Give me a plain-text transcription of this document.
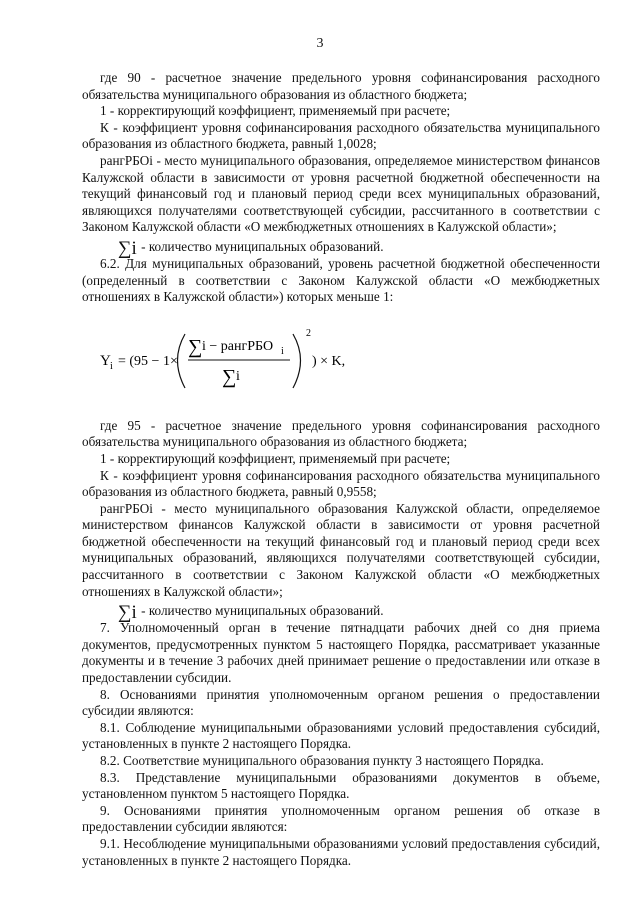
3

где 90 - расчетное значение предельного уровня софинансирования расходного обязательства муниципального образования из областного бюджета;

1 - корректирующий коэффициент, применяемый при расчете;

К - коэффициент уровня софинансирования расходного обязательства муниципального образования из областного бюджета, равный 1,0028;

рангРБОi - место муниципального образования, определяемое министерством финансов Калужской области в зависимости от уровня расчетной бюджетной обеспеченности на текущий финансовый год и плановый период среди всех муниципальных образований, являющихся получателями соответствующей субсидии, рассчитанного в соответствии с Законом Калужской области «О межбюджетных отношениях в Калужской области»;

∑i - количество муниципальных образований.

6.2. Для муниципальных образований, уровень расчетной бюджетной обеспеченности (определенный в соответствии с Законом Калужской области «О межбюджетных отношениях в Калужской области») которых меньше 1:

Y i = (95 − 1×
∑ i − рангРБО i
∑ i
2
) × K,

где 95 - расчетное значение предельного уровня софинансирования расходного обязательства муниципального образования из областного бюджета;

1 - корректирующий коэффициент, применяемый при расчете;

К - коэффициент уровня софинансирования расходного обязательства муниципального образования из областного бюджета, равный 0,9558;

рангРБОi - место муниципального образования Калужской области, определяемое министерством финансов Калужской области в зависимости от уровня расчетной бюджетной обеспеченности на текущий финансовый год и плановый период среди всех муниципальных образований, являющихся получателями соответствующей субсидии, рассчитанного в соответствии с Законом Калужской области «О межбюджетных отношениях в Калужской области»;

∑i - количество муниципальных образований.

7. Уполномоченный орган в течение пятнадцати рабочих дней со дня приема документов, предусмотренных пунктом 5 настоящего Порядка, рассматривает указанные документы и в течение 3 рабочих дней принимает решение о предоставлении или отказе в предоставлении субсидии.

8. Основаниями принятия уполномоченным органом решения о предоставлении субсидии являются:

8.1. Соблюдение муниципальными образованиями условий предоставления субсидий, установленных в пункте 2 настоящего Порядка.

8.2. Соответствие муниципального образования пункту 3 настоящего Порядка.

8.3. Представление муниципальными образованиями документов в объеме, установленном пунктом 5 настоящего Порядка.

9. Основаниями принятия уполномоченным органом решения об отказе в предоставлении субсидии являются:

9.1. Несоблюдение муниципальными образованиями условий предоставления субсидий, установленных в пункте 2 настоящего Порядка.
